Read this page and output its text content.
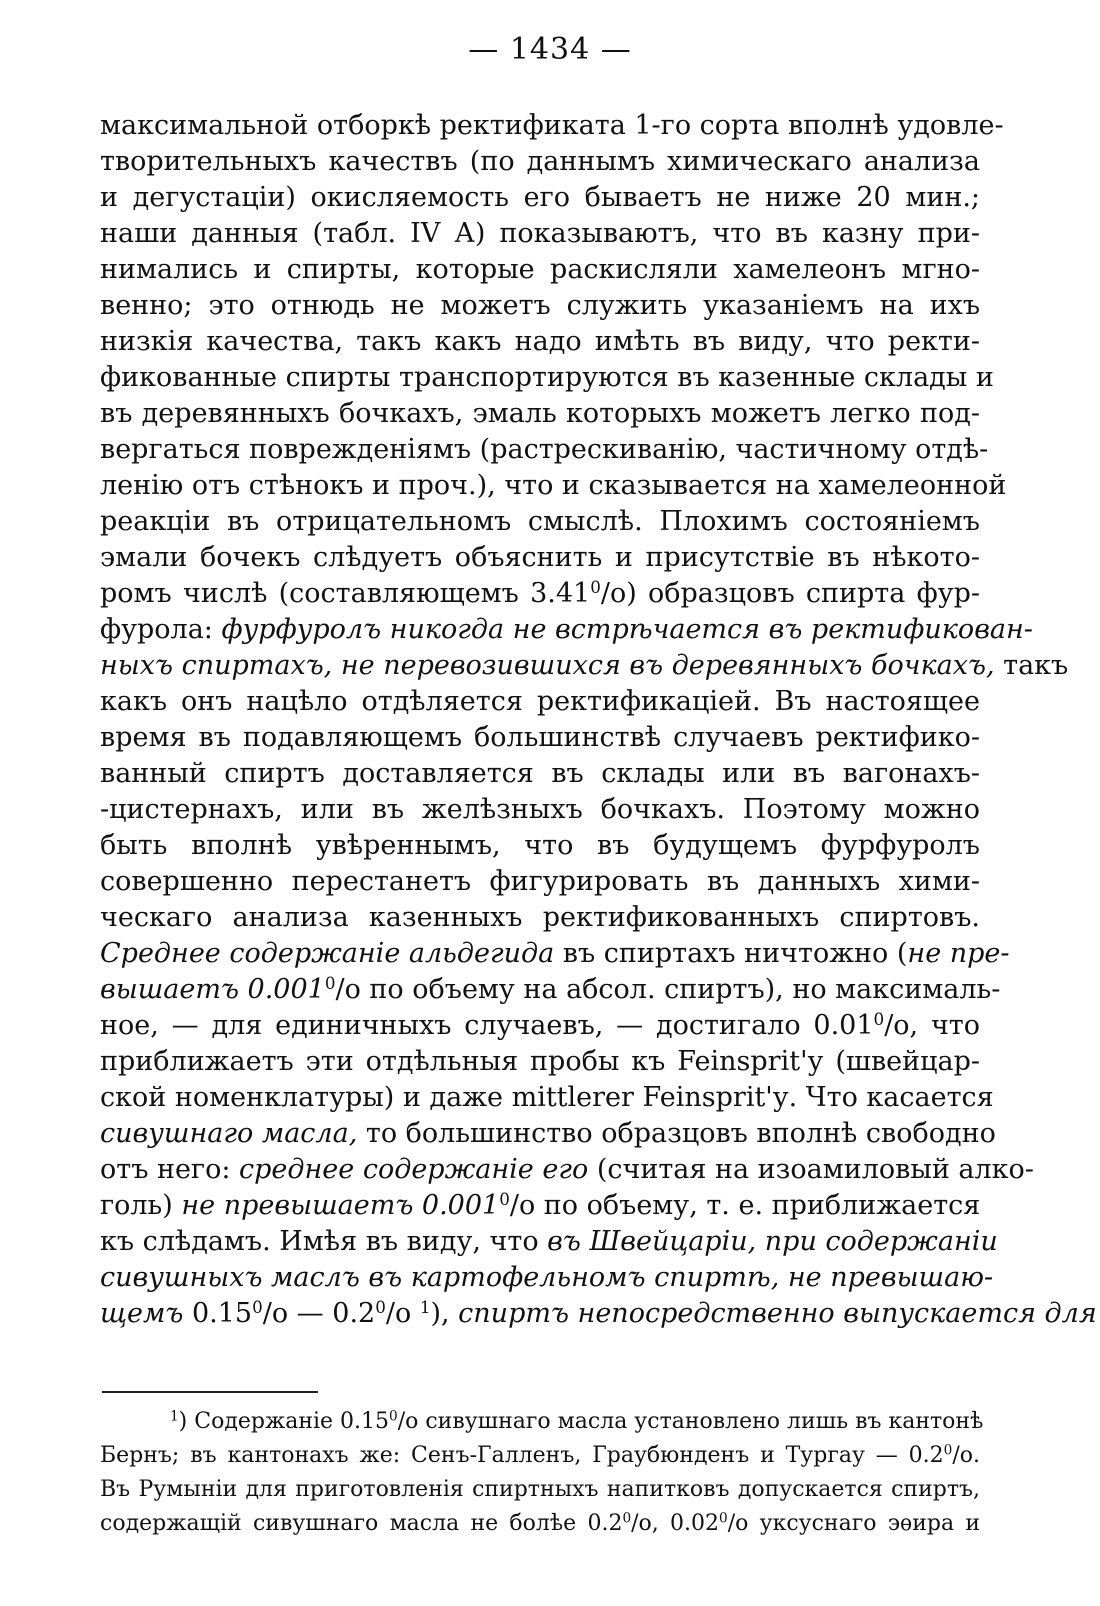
— 1434 —
максимальной отборкѣ ректификата 1-го сорта вполнѣ удовле-
творительныхъ качествъ (по даннымъ химическаго анализа
и дегустаціи) окисляемость его бываетъ не ниже 20 мин.;
наши данныя (табл. IV А) показываютъ, что въ казну при-
нимались и спирты, которые раскисляли хамелеонъ мгно-
венно; это отнюдь не можетъ служить указаніемъ на ихъ
низкія качества, такъ какъ надо имѣть въ виду, что ректи-
фикованные спирты транспортируются въ казенные склады и
въ деревянныхъ бочкахъ, эмаль которыхъ можетъ легко под-
вергаться поврежденіямъ (растрескиванію, частичному отдѣ-
ленію отъ стѣнокъ и проч.), что и сказывается на хамелеонной
реакціи въ отрицательномъ смыслѣ. Плохимъ состояніемъ
эмали бочекъ слѣдуетъ объяснить и присутствіе въ нѣкото-
ромъ числѣ (составляющемъ 3.41$^0$/о) образцовъ спирта фур-
фурола: фурфуролъ никогда не встрѣчается въ ректификован-
ныхъ спиртахъ, не перевозившихся въ деревянныхъ бочкахъ, такъ
какъ онъ нацѣло отдѣляется ректификаціей. Въ настоящее
время въ подавляющемъ большинствѣ случаевъ ректифико-
ванный спиртъ доставляется въ склады или въ вагонахъ-
-цистернахъ, или въ желѣзныхъ бочкахъ. Поэтому можно
быть вполнѣ увѣреннымъ, что въ будущемъ фурфуролъ
совершенно перестанетъ фигурировать въ данныхъ хими-
ческаго анализа казенныхъ ректификованныхъ спиртовъ.
Среднее содержаніе альдегида въ спиртахъ ничтожно (не пре-
вышаетъ 0.001$^0$/о по объему на абсол. спиртъ), но максималь-
ное, — для единичныхъ случаевъ, — достигало 0.01$^0$/о, что
приближаетъ эти отдѣльныя пробы къ Feinsprit'у (швейцар-
ской номенклатуры) и даже mittlerer Feinsprit'у. Что касается
сивушнаго масла, то большинство образцовъ вполнѣ свободно
отъ него: среднее содержаніе его (считая на изоамиловый алко-
голь) не превышаетъ 0.001$^0$/о по объему, т. е. приближается
къ слѣдамъ. Имѣя въ виду, что въ Швейцаріи, при содержаніи
сивушныхъ маслъ въ картофельномъ спиртѣ, не превышаю-
щемъ 0.15$^0$/о — $0.2^0/о$ $^1$), спиртъ непосредственно выпускается для
$^1$) Содержаніе 0.15$^0$/о сивушнаго масла установлено лишь въ кантонѣ
Бернъ; въ кантонахъ же: Сенъ-Галленъ, Граубюнденъ и Тургау — $0.2^0/о$.
Въ Румыніи для приготовленія спиртныхъ напитковъ допускается спиртъ,
содержащій сивушнаго масла не болѣе $0.2^0/о$, 0.02$^0$/о уксуснаго эѳира и
